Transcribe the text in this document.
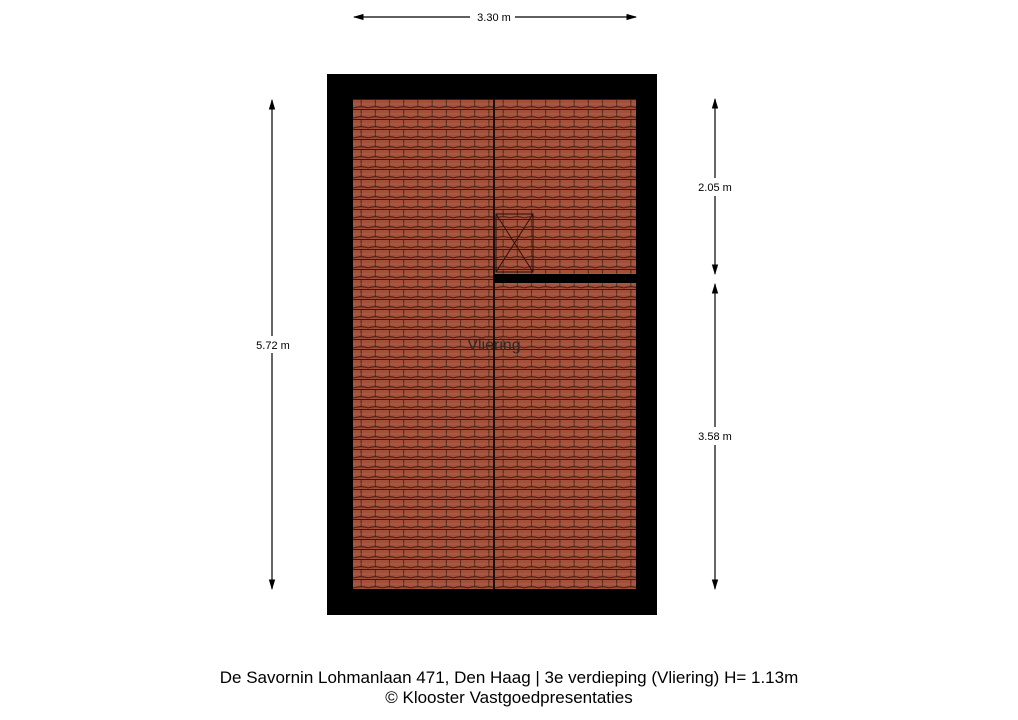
Vliering
3.30 m
5.72 m
2.05 m
3.58 m
De Savornin Lohmanlaan 471, Den Haag | 3e verdieping (Vliering) H= 1.13m
© Klooster Vastgoedpresentaties
